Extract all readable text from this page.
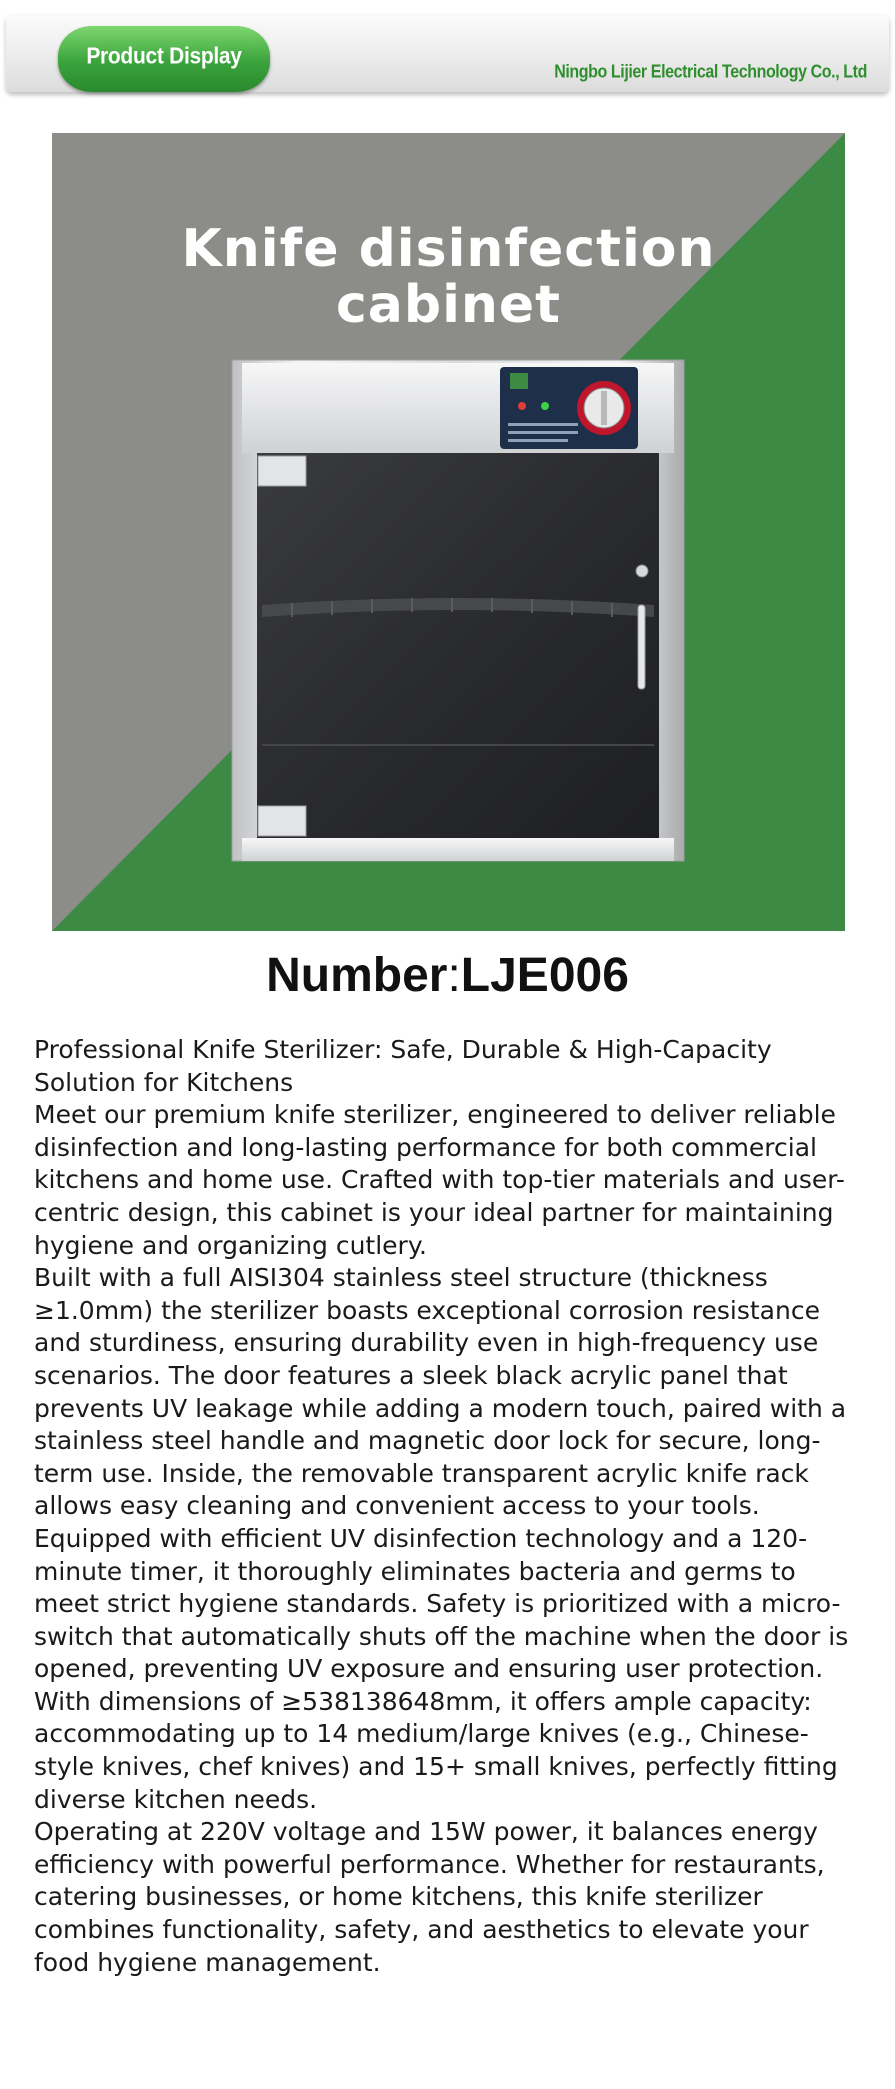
Product Display
Ningbo Lijier Electrical Technology Co., Ltd
Knife disinfection
cabinet
Number:LJE006

Professional Knife Sterilizer: Safe, Durable & High-Capacity Solution for Kitchens

Meet our premium knife sterilizer, engineered to deliver reliable disinfection and long-lasting performance for both commercial kitchens and home use. Crafted with top-tier materials and user-centric design, this cabinet is your ideal partner for maintaining hygiene and organizing cutlery.

Built with a full AISI304 stainless steel structure (thickness ≥1.0mm) the sterilizer boasts exceptional corrosion resistance and sturdiness, ensuring durability even in high-frequency use scenarios. The door features a sleek black acrylic panel that prevents UV leakage while adding a modern touch, paired with a stainless steel handle and magnetic door lock for secure, long-term use. Inside, the removable transparent acrylic knife rack allows easy cleaning and convenient access to your tools.

Equipped with efficient UV disinfection technology and a 120-minute timer, it thoroughly eliminates bacteria and germs to meet strict hygiene standards. Safety is prioritized with a micro-switch that automatically shuts off the machine when the door is opened, preventing UV exposure and ensuring user protection. With dimensions of ≥538138648mm, it offers ample capacity: accommodating up to 14 medium/large knives (e.g., Chinese-style knives, chef knives) and 15+ small knives, perfectly fitting diverse kitchen needs.

Operating at 220V voltage and 15W power, it balances energy efficiency with powerful performance. Whether for restaurants, catering businesses, or home kitchens, this knife sterilizer combines functionality, safety, and aesthetics to elevate your food hygiene management.
